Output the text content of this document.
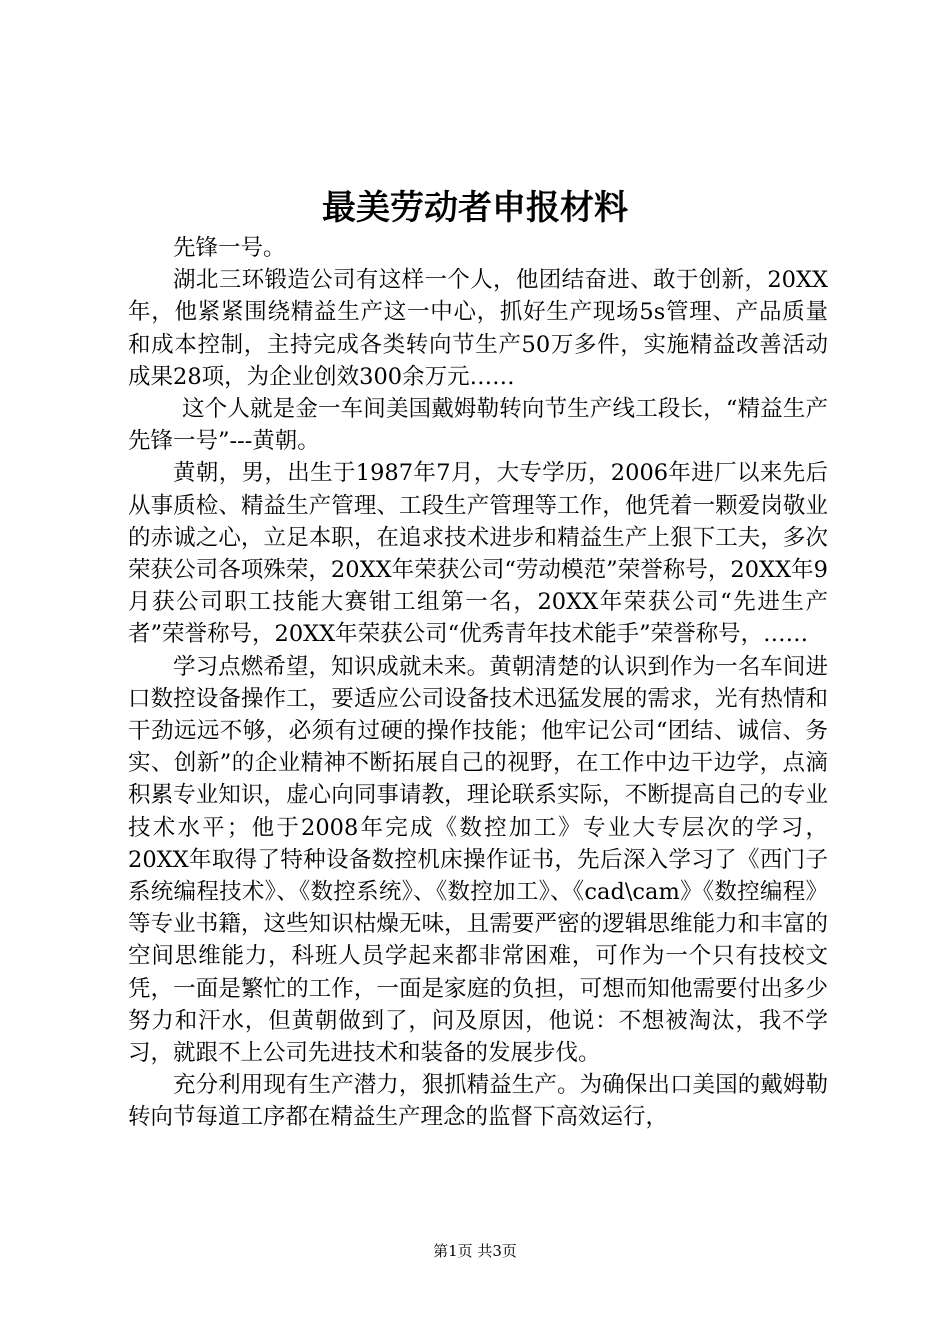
最美劳动者申报材料

先锋一号。

湖北三环锻造公司有这样一个人，他团结奋进、敢于创新，20XX年，他紧紧围绕精益生产这一中心，抓好生产现场5s管理、产品质量和成本控制，主持完成各类转向节生产50万多件，实施精益改善活动成果28项，为企业创效300余万元……

这个人就是金一车间美国戴姆勒转向节生产线工段长，“精益生产先锋一号”---黄朝。

黄朝，男，出生于1987年7月，大专学历，2006年进厂以来先后从事质检、精益生产管理、工段生产管理等工作，他凭着一颗爱岗敬业的赤诚之心，立足本职，在追求技术进步和精益生产上狠下工夫，多次荣获公司各项殊荣，20XX年荣获公司“劳动模范”荣誉称号，20XX年9月获公司职工技能大赛钳工组第一名，20XX年荣获公司“先进生产者”荣誉称号，20XX年荣获公司“优秀青年技术能手”荣誉称号，……

学习点燃希望，知识成就未来。黄朝清楚的认识到作为一名车间进口数控设备操作工，要适应公司设备技术迅猛发展的需求，光有热情和干劲远远不够，必须有过硬的操作技能；他牢记公司“团结、诚信、务实、创新”的企业精神不断拓展自己的视野，在工作中边干边学，点滴积累专业知识，虚心向同事请教，理论联系实际，不断提高自己的专业技术水平；他于2008年完成《数控加工》专业大专层次的学习，20XX年取得了特种设备数控机床操作证书，先后深入学习了《西门子系统编程技术》、《数控系统》、《数控加工》、《cad\cam》《数控编程》等专业书籍，这些知识枯燥无味，且需要严密的逻辑思维能力和丰富的空间思维能力，科班人员学起来都非常困难，可作为一个只有技校文凭，一面是繁忙的工作，一面是家庭的负担，可想而知他需要付出多少努力和汗水，但黄朝做到了，问及原因，他说：不想被淘汰，我不学习，就跟不上公司先进技术和装备的发展步伐。

充分利用现有生产潜力，狠抓精益生产。为确保出口美国的戴姆勒转向节每道工序都在精益生产理念的监督下高效运行，

第1页 共3页
